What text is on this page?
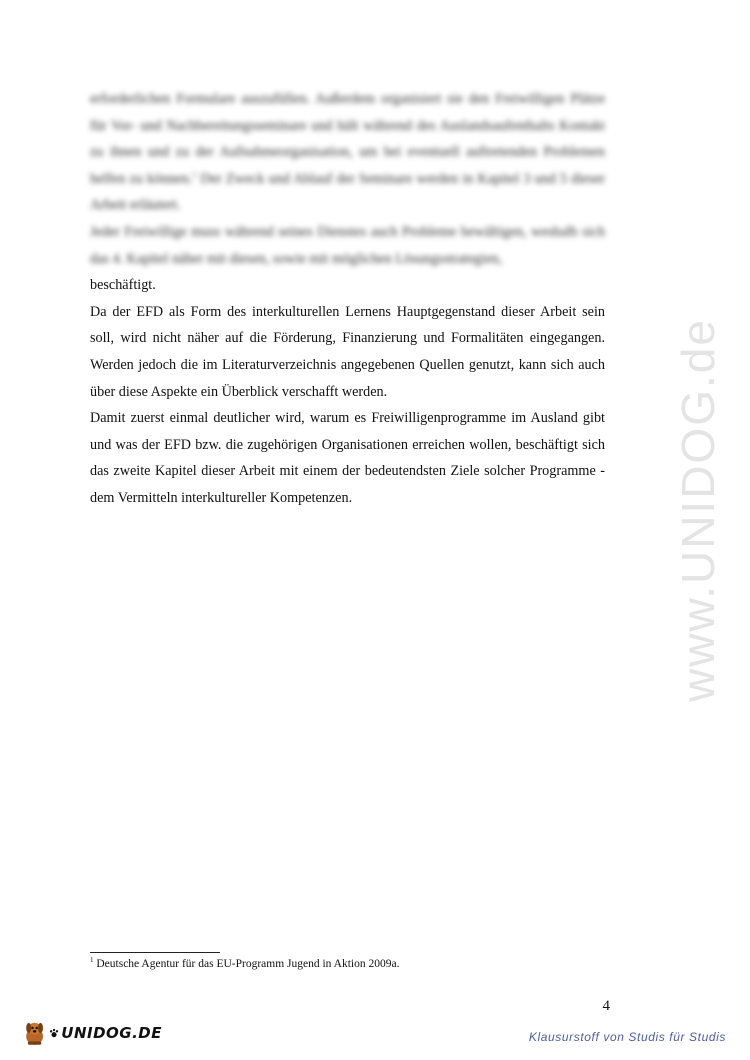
erforderlichen Formulare auszufüllen. Außerdem organisiert sie den Freiwilligen Plätze für Vor- und Nachbereitungsseminare und hält während des Auslandsaufenthalts Kontakt zu ihnen und zu der Aufnahmeorganisation, um bei eventuell auftretenden Problemen helfen zu können.$^1$ Der Zweck und Ablauf der Seminare werden in Kapitel 3 und 5 dieser Arbeit erläutert.

Jeder Freiwillige muss während seines Dienstes auch Probleme bewältigen, weshalb sich das 4. Kapitel näher mit diesen, sowie mit möglichen Lösungsstrategien,

beschäftigt.

Da der EFD als Form des interkulturellen Lernens Hauptgegenstand dieser Arbeit sein soll, wird nicht näher auf die Förderung, Finanzierung und Formalitäten eingegangen. Werden jedoch die im Literaturverzeichnis angegebenen Quellen genutzt, kann sich auch über diese Aspekte ein Überblick verschafft werden.

Damit zuerst einmal deutlicher wird, warum es Freiwilligenprogramme im Ausland gibt und was der EFD bzw. die zugehörigen Organisationen erreichen wollen, beschäftigt sich das zweite Kapitel dieser Arbeit mit einem der bedeutendsten Ziele solcher Programme - dem Vermitteln interkultureller Kompetenzen.	www.UNIDOG.de
$^1$ Deutsche Agentur für das EU-Programm Jugend in Aktion 2009a.
4
UNIDOG.DE	Klausurstoff von Studis für Studis
